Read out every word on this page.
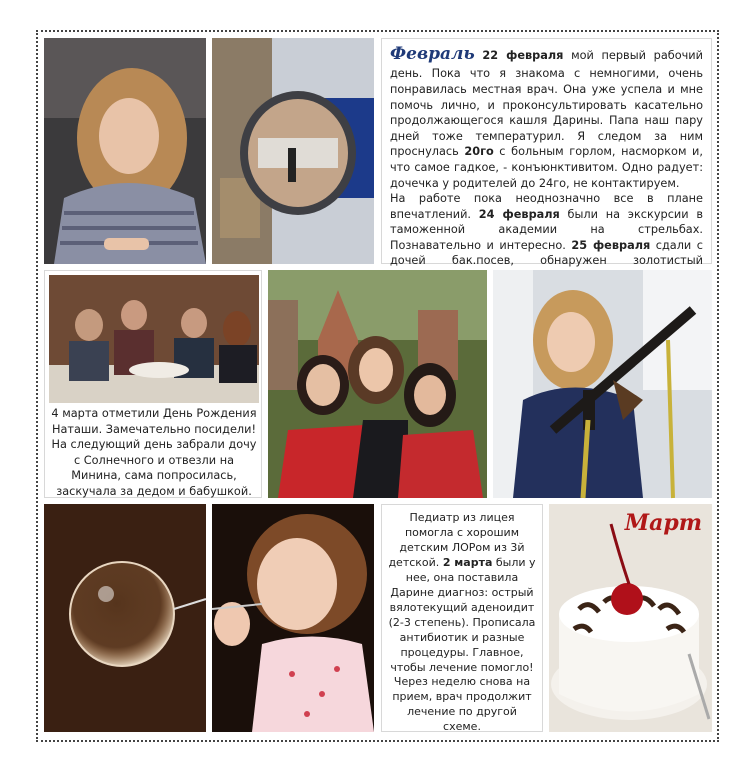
Февраль 22 февраля мой первый рабочий день. Пока что я знакома с немногими, очень понравилась местная врач. Она уже успела и мне помочь лично, и проконсультировать касательно продолжающегося кашля Дарины. Папа наш пару дней тоже температурил. Я следом за ним проснулась 20го с больным горлом, насморком и, что самое гадкое, - конъюнктивитом. Одно радует: дочечка у родителей до 24го, не контактируем.
На работе пока неоднозначно все в плане впечатлений. 24 февраля были на экскурсии в таможенной академии на стрельбах. Познавательно и интересно. 25 февраля сдали с дочей бак.посев, обнаружен золотистый
4 марта отметили День Рождения Наташи. Замечательно посидели! На следующий день забрали дочу с Солнечного и отвезли на Минина, сама попросилась, заскучала за дедом и бабушкой.
Педиатр из лицея помогла с хорошим детским ЛОРом из 3й детской. 2 марта были у нее, она поставила Дарине диагноз: острый вялотекущий аденоидит (2-3 степень). Прописала антибиотик и разные процедуры. Главное, чтобы лечение помогло! Через неделю снова на прием, врач продолжит лечение по другой схеме.
Март
